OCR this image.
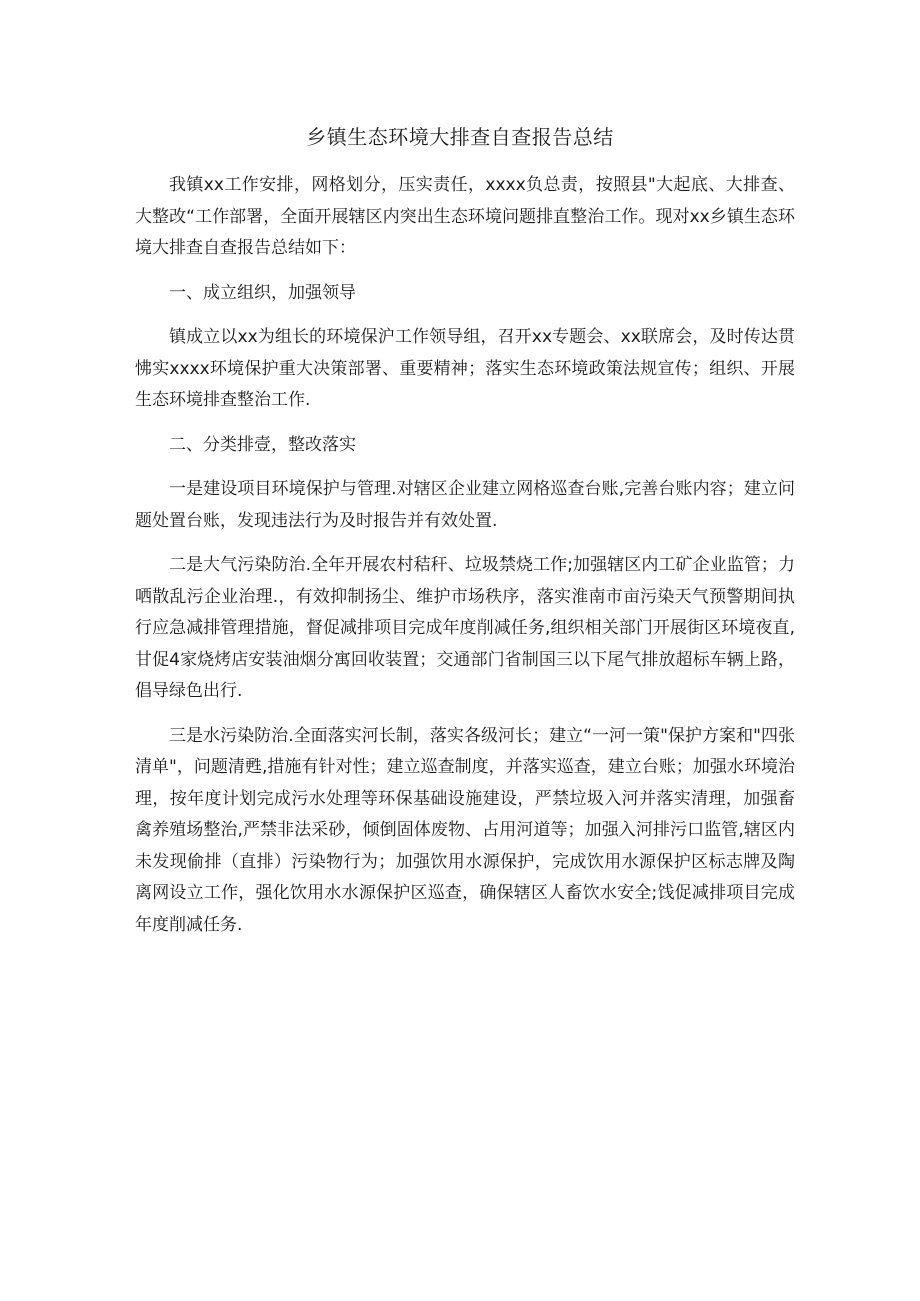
乡镇生态环境大排查自查报告总结

我镇xx工作安排，网格划分，压实责任，xxxx负总责，按照县"大起底、大排查、大整改“工作部署，全面开展辖区内突出生态环境问题排直整治工作。现对xx乡镇生态环境大排查自查报告总结如下：

一、成立组织，加强领导

镇成立以xx为组长的环境保沪工作领导组，召开xx专题会、xx联席会，及时传达贯怫实xxxx环境保护重大决策部署、重要精神；落实生态环境政策法规宣传；组织、开展生态环境排查整治工作.

二、分类排壹，整改落实

一是建设项目环境保护与管理.对辖区企业建立网格巡查台账,完善台账内容；建立问题处置台账，发现违法行为及时报告并有效处置.

二是大气污染防治.全年开展农村秸秆、垃圾禁烧工作;加强辖区内工矿企业监管；力哂散乱污企业治理.，有效抑制扬尘、维护市场秩序，落实淮南市亩污染天气预警期间执行应急减排管理措施，督促减排项目完成年度削减任务,组织相关部门开展街区环境夜直,甘促4家烧烤店安装油烟分寓回收装置；交通部门省制国三以下尾气排放超标车辆上路，倡导绿色出行.

三是水污染防治.全面落实河长制，落实各级河长；建立“一河一策"保护方案和"四张清单"，问题清甦,措施有针对性；建立巡查制度，并落实巡查，建立台账；加强水环境治理，按年度计划完成污水处理等环保基础设施建设，严禁垃圾入河并落实清理，加强畜禽养殖场整治,严禁非法采砂，倾倒固体废物、占用河道等；加强入河排污口监管,辖区内未发现偷排（直排）污染物行为；加强饮用水源保护，完成饮用水源保护区标志牌及陶离网设立工作，强化饮用水水源保护区巡查，确保辖区人畜饮水安全;饯促减排项目完成年度削减任务.
